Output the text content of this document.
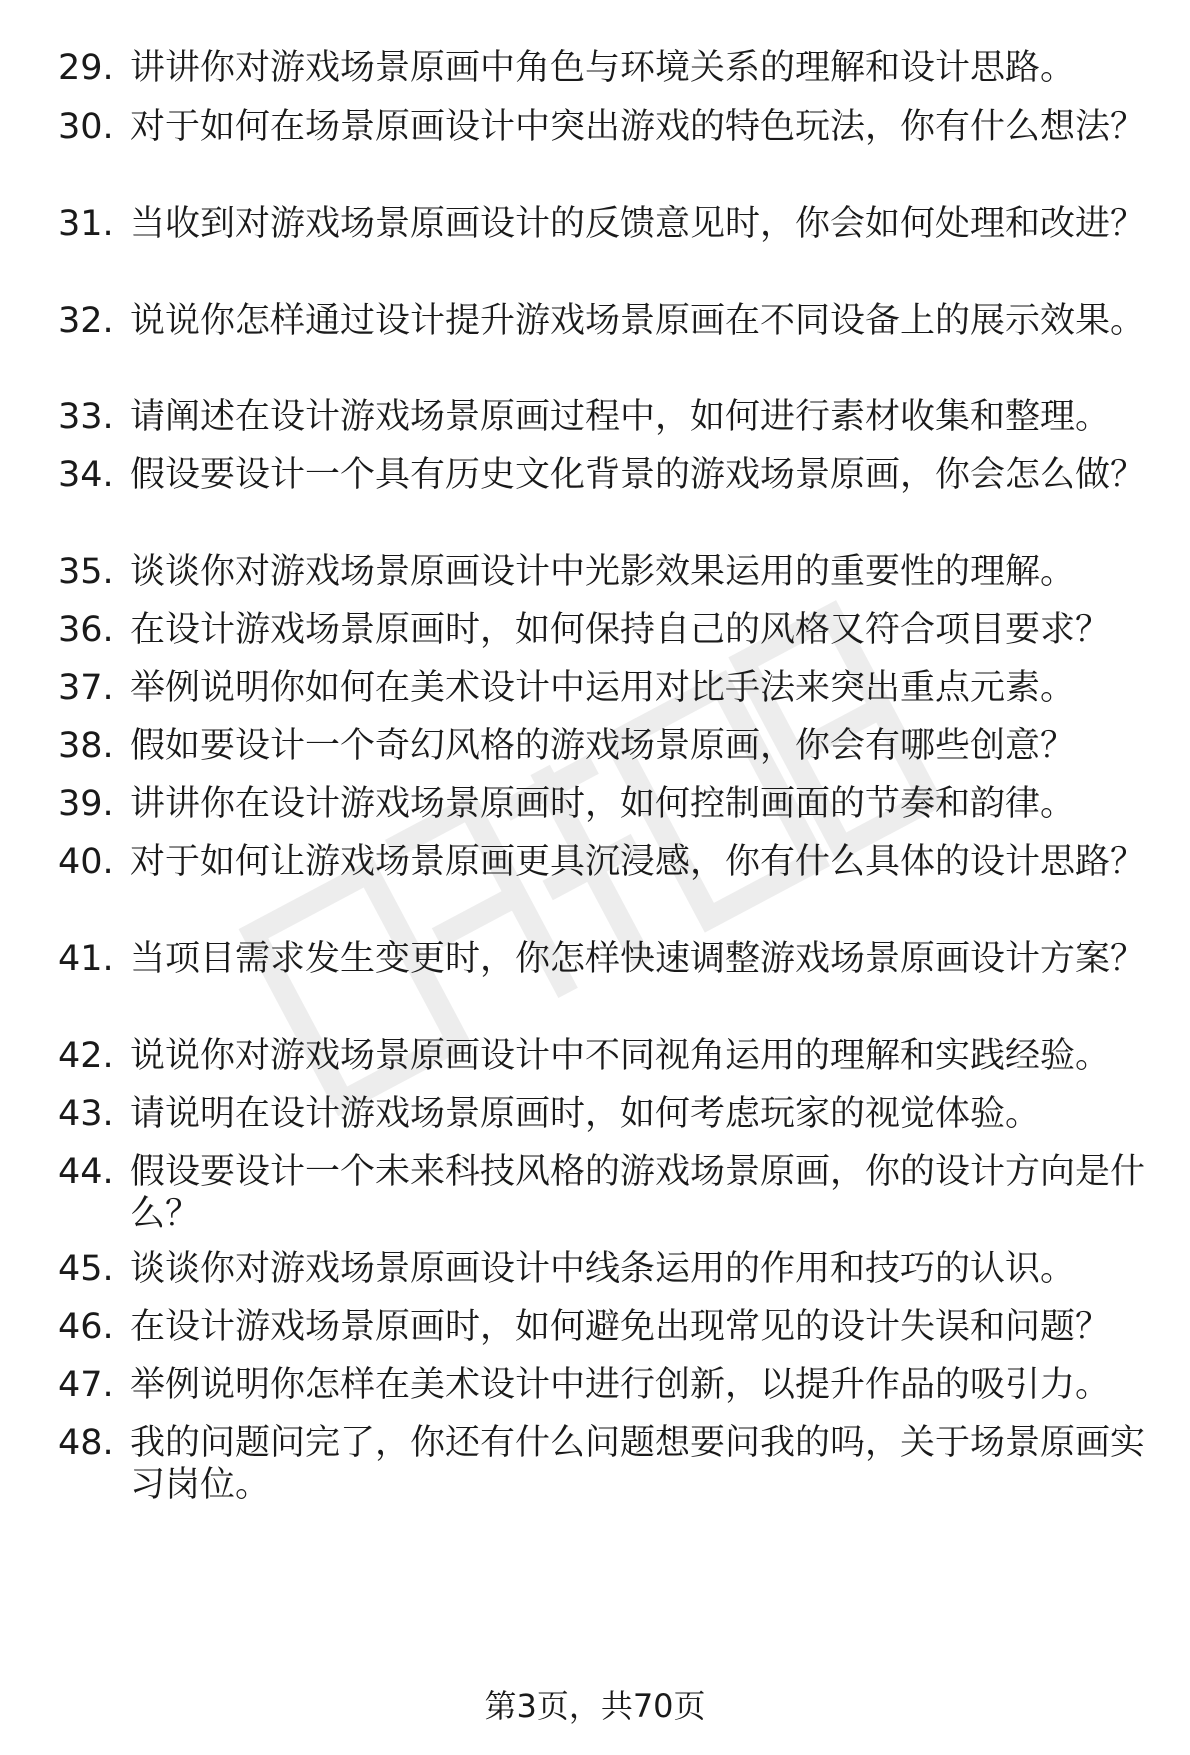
29. 讲讲你对游戏场景原画中角色与环境关系的理解和设计思路。
30. 对于如何在场景原画设计中突出游戏的特色玩法，你有什么想法？
31. 当收到对游戏场景原画设计的反馈意见时，你会如何处理和改进？
32. 说说你怎样通过设计提升游戏场景原画在不同设备上的展示效果。
33. 请阐述在设计游戏场景原画过程中，如何进行素材收集和整理。
34. 假设要设计一个具有历史文化背景的游戏场景原画，你会怎么做？
35. 谈谈你对游戏场景原画设计中光影效果运用的重要性的理解。
36. 在设计游戏场景原画时，如何保持自己的风格又符合项目要求？
37. 举例说明你如何在美术设计中运用对比手法来突出重点元素。
38. 假如要设计一个奇幻风格的游戏场景原画，你会有哪些创意？
39. 讲讲你在设计游戏场景原画时，如何控制画面的节奏和韵律。
40. 对于如何让游戏场景原画更具沉浸感，你有什么具体的设计思路？
41. 当项目需求发生变更时，你怎样快速调整游戏场景原画设计方案？
42. 说说你对游戏场景原画设计中不同视角运用的理解和实践经验。
43. 请说明在设计游戏场景原画时，如何考虑玩家的视觉体验。
44. 假设要设计一个未来科技风格的游戏场景原画，你的设计方向是什么？
45. 谈谈你对游戏场景原画设计中线条运用的作用和技巧的认识。
46. 在设计游戏场景原画时，如何避免出现常见的设计失误和问题？
47. 举例说明你怎样在美术设计中进行创新，以提升作品的吸引力。
48. 我的问题问完了，你还有什么问题想要问我的吗，关于场景原画实习岗位。
第3页，共70页
